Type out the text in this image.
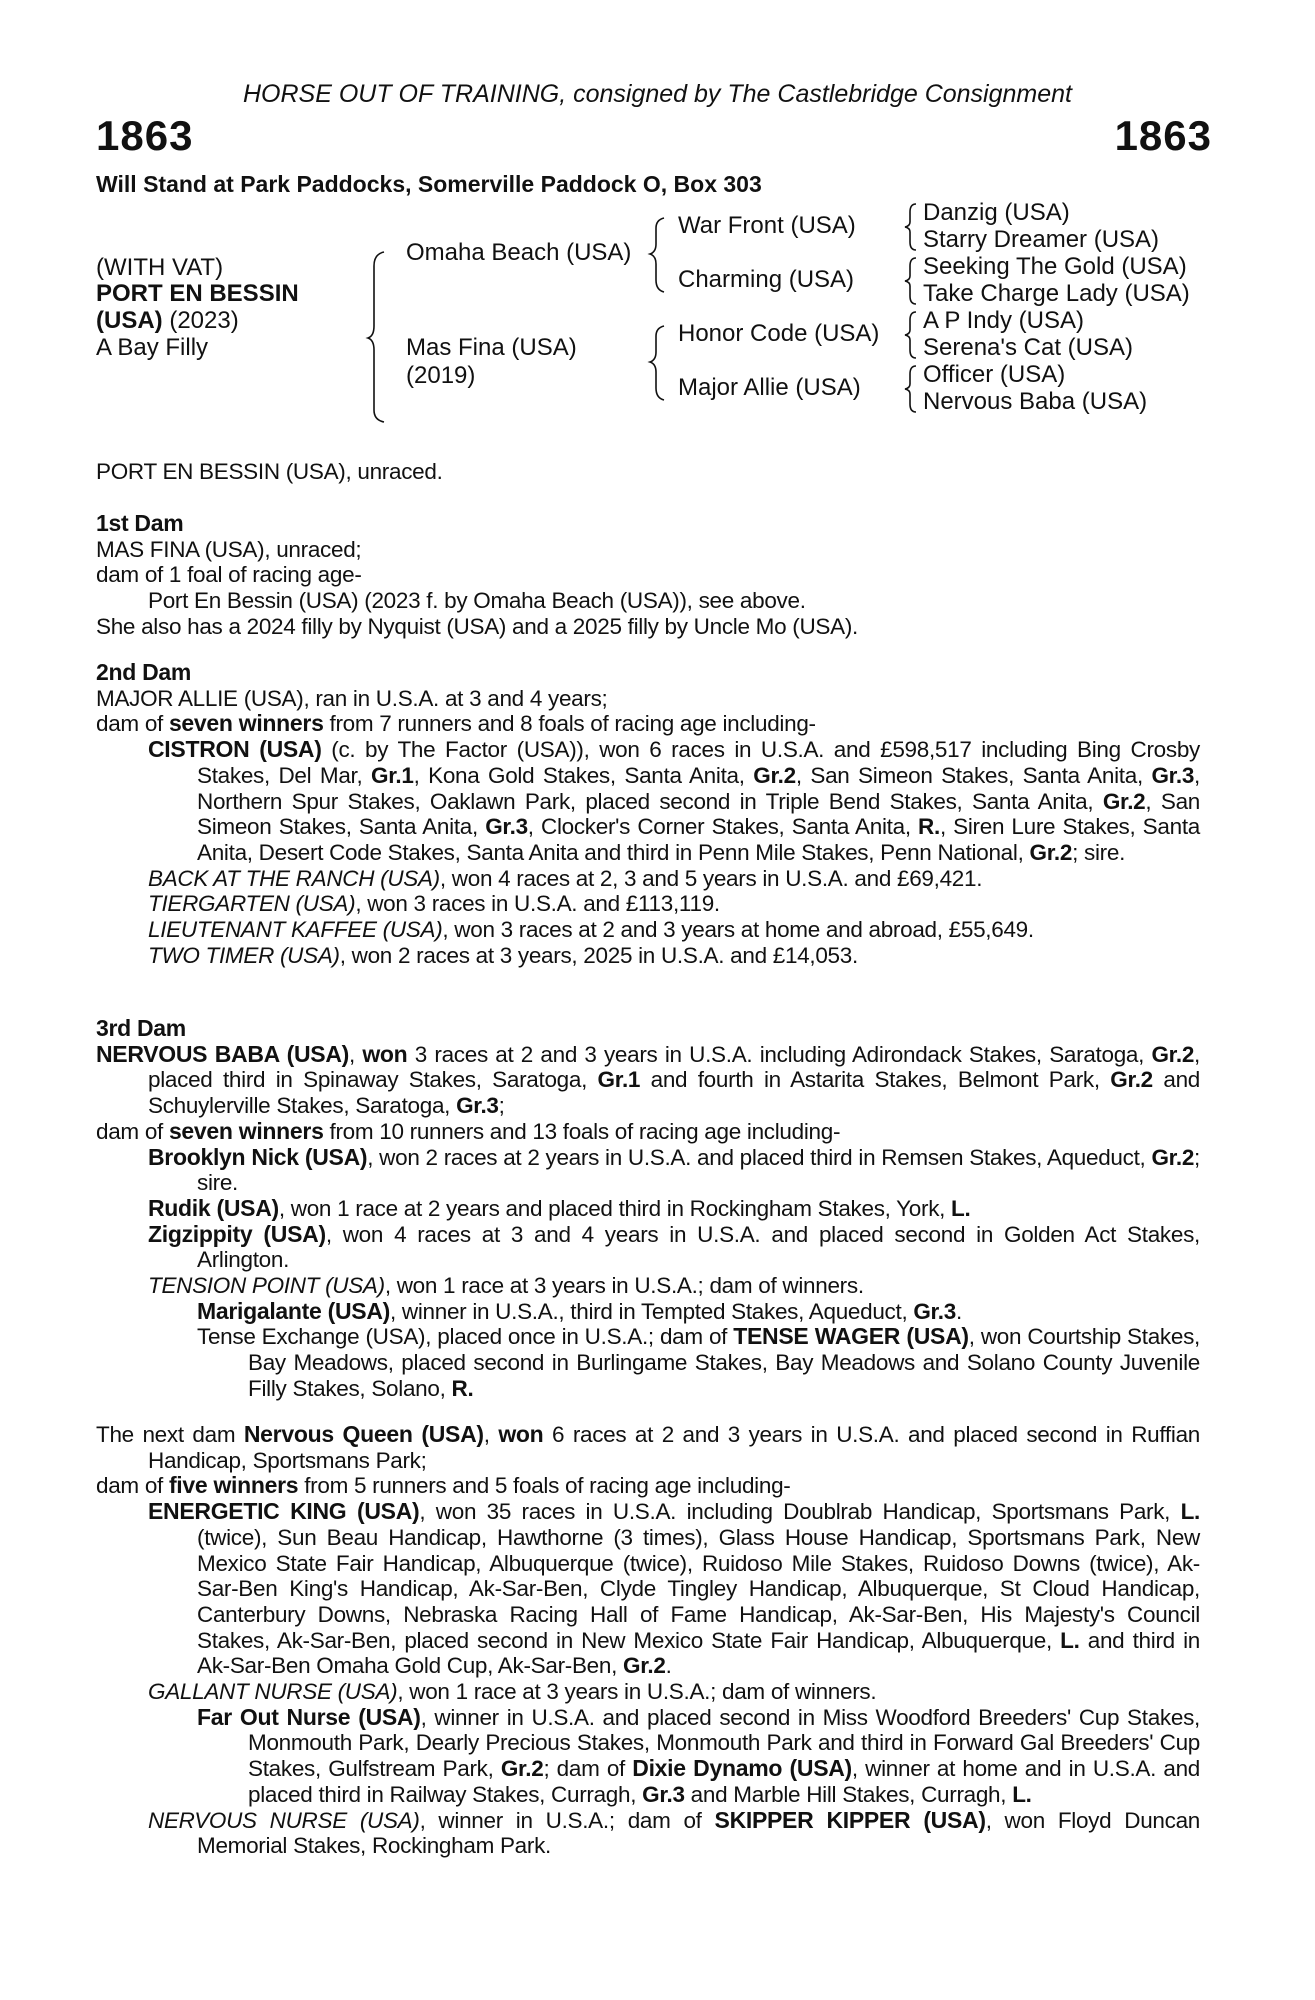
HORSE OUT OF TRAINING, consigned by The Castlebridge Consignment
1863	1863
Will Stand at Park Paddocks, Somerville Paddock O, Box 303
(WITH VAT)
PORT EN BESSIN
(USA) (2023)
A Bay Filly
Omaha Beach (USA)
Mas Fina (USA)
(2019)
War Front (USA)
Charming (USA)
Honor Code (USA)
Major Allie (USA)
Danzig (USA)
Starry Dreamer (USA)
Seeking The Gold (USA)
Take Charge Lady (USA)
A P Indy (USA)
Serena's Cat (USA)
Officer (USA)
Nervous Baba (USA)
PORT EN BESSIN (USA), unraced.
1st Dam
MAS FINA (USA), unraced;
dam of 1 foal of racing age-
Port En Bessin (USA) (2023 f. by Omaha Beach (USA)), see above.
She also has a 2024 filly by Nyquist (USA) and a 2025 filly by Uncle Mo (USA).
2nd Dam
MAJOR ALLIE (USA), ran in U.S.A. at 3 and 4 years;
dam of seven winners from 7 runners and 8 foals of racing age including-
CISTRON (USA) (c. by The Factor (USA)), won 6 races in U.S.A. and £598,517 including Bing Crosby Stakes, Del Mar, Gr.1, Kona Gold Stakes, Santa Anita, Gr.2, San Simeon Stakes, Santa Anita, Gr.3, Northern Spur Stakes, Oaklawn Park, placed second in Triple Bend Stakes, Santa Anita, Gr.2, San Simeon Stakes, Santa Anita, Gr.3, Clocker's Corner Stakes, Santa Anita, R., Siren Lure Stakes, Santa Anita, Desert Code Stakes, Santa Anita and third in Penn Mile Stakes, Penn National, Gr.2; sire.
BACK AT THE RANCH (USA), won 4 races at 2, 3 and 5 years in U.S.A. and £69,421.
TIERGARTEN (USA), won 3 races in U.S.A. and £113,119.
LIEUTENANT KAFFEE (USA), won 3 races at 2 and 3 years at home and abroad, £55,649.
TWO TIMER (USA), won 2 races at 3 years, 2025 in U.S.A. and £14,053.
3rd Dam
NERVOUS BABA (USA), won 3 races at 2 and 3 years in U.S.A. including Adirondack Stakes, Saratoga, Gr.2, placed third in Spinaway Stakes, Saratoga, Gr.1 and fourth in Astarita Stakes, Belmont Park, Gr.2 and Schuylerville Stakes, Saratoga, Gr.3;
dam of seven winners from 10 runners and 13 foals of racing age including-
Brooklyn Nick (USA), won 2 races at 2 years in U.S.A. and placed third in Remsen Stakes, Aqueduct, Gr.2; sire.
Rudik (USA), won 1 race at 2 years and placed third in Rockingham Stakes, York, L.
Zigzippity (USA), won 4 races at 3 and 4 years in U.S.A. and placed second in Golden Act Stakes, Arlington.
TENSION POINT (USA), won 1 race at 3 years in U.S.A.; dam of winners.
Marigalante (USA), winner in U.S.A., third in Tempted Stakes, Aqueduct, Gr.3.
Tense Exchange (USA), placed once in U.S.A.; dam of TENSE WAGER (USA), won Courtship Stakes, Bay Meadows, placed second in Burlingame Stakes, Bay Meadows and Solano County Juvenile Filly Stakes, Solano, R.
The next dam Nervous Queen (USA), won 6 races at 2 and 3 years in U.S.A. and placed second in Ruffian Handicap, Sportsmans Park;
dam of five winners from 5 runners and 5 foals of racing age including-
ENERGETIC KING (USA), won 35 races in U.S.A. including Doublrab Handicap, Sportsmans Park, L. (twice), Sun Beau Handicap, Hawthorne (3 times), Glass House Handicap, Sportsmans Park, New Mexico State Fair Handicap, Albuquerque (twice), Ruidoso Mile Stakes, Ruidoso Downs (twice), Ak-Sar-Ben King's Handicap, Ak-Sar-Ben, Clyde Tingley Handicap, Albuquerque, St Cloud Handicap, Canterbury Downs, Nebraska Racing Hall of Fame Handicap, Ak-Sar-Ben, His Majesty's Council Stakes, Ak-Sar-Ben, placed second in New Mexico State Fair Handicap, Albuquerque, L. and third in Ak-Sar-Ben Omaha Gold Cup, Ak-Sar-Ben, Gr.2.
GALLANT NURSE (USA), won 1 race at 3 years in U.S.A.; dam of winners.
Far Out Nurse (USA), winner in U.S.A. and placed second in Miss Woodford Breeders' Cup Stakes, Monmouth Park, Dearly Precious Stakes, Monmouth Park and third in Forward Gal Breeders' Cup Stakes, Gulfstream Park, Gr.2; dam of Dixie Dynamo (USA), winner at home and in U.S.A. and placed third in Railway Stakes, Curragh, Gr.3 and Marble Hill Stakes, Curragh, L.
NERVOUS NURSE (USA), winner in U.S.A.; dam of SKIPPER KIPPER (USA), won Floyd Duncan Memorial Stakes, Rockingham Park.
